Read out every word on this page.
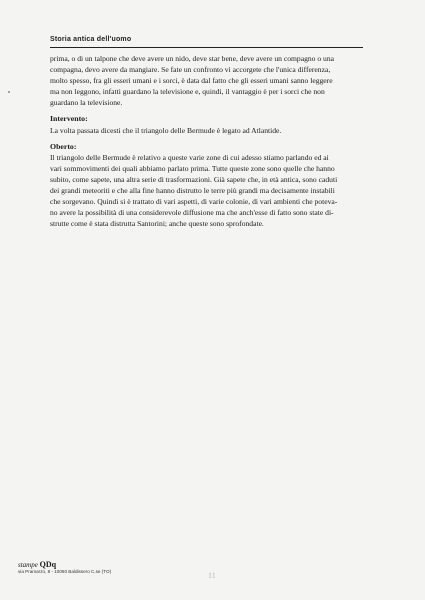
Storia antica dell'uomo
prima, o di un talpone che deve avere un nido, deve star bene, deve avere un compagno o una
compagna, devo avere da mangiare. Se fate un confronto vi accorgete che l'unica differenza,
molto spesso, fra gli esseri umani e i sorci, è data dal fatto che gli esseri umani sanno leggere
ma non leggono, infatti guardano la televisione e, quindi, il vantaggio è per i sorci che non
guardano la televisione.
Intervento:
La volta passata dicesti che il triangolo delle Bermude è legato ad Atlantide.
Oberto:
Il triangolo delle Bermude è relativo a queste varie zone di cui adesso stiamo parlando ed ai
vari sommovimenti dei quali abbiamo parlato prima. Tutte queste zone sono quelle che hanno
subito, come sapete, una altra serie di trasformazioni. Già sapete che, in età antica, sono caduti
dei grandi meteoriti e che alla fine hanno distrutto le terre più grandi ma decisamente instabili
che sorgevano. Quindi si è trattato di vari aspetti, di varie colonie, di vari ambienti che poteva-
no avere la possibilità di una considerevole diffusione ma che anch'esse di fatto sono state di-
strutte come è stata distrutta Santorini; anche queste sono sprofondate.
stampe QDq
via Pramarzo, 8 - 10060 Baldissero C.se (TO)	11
